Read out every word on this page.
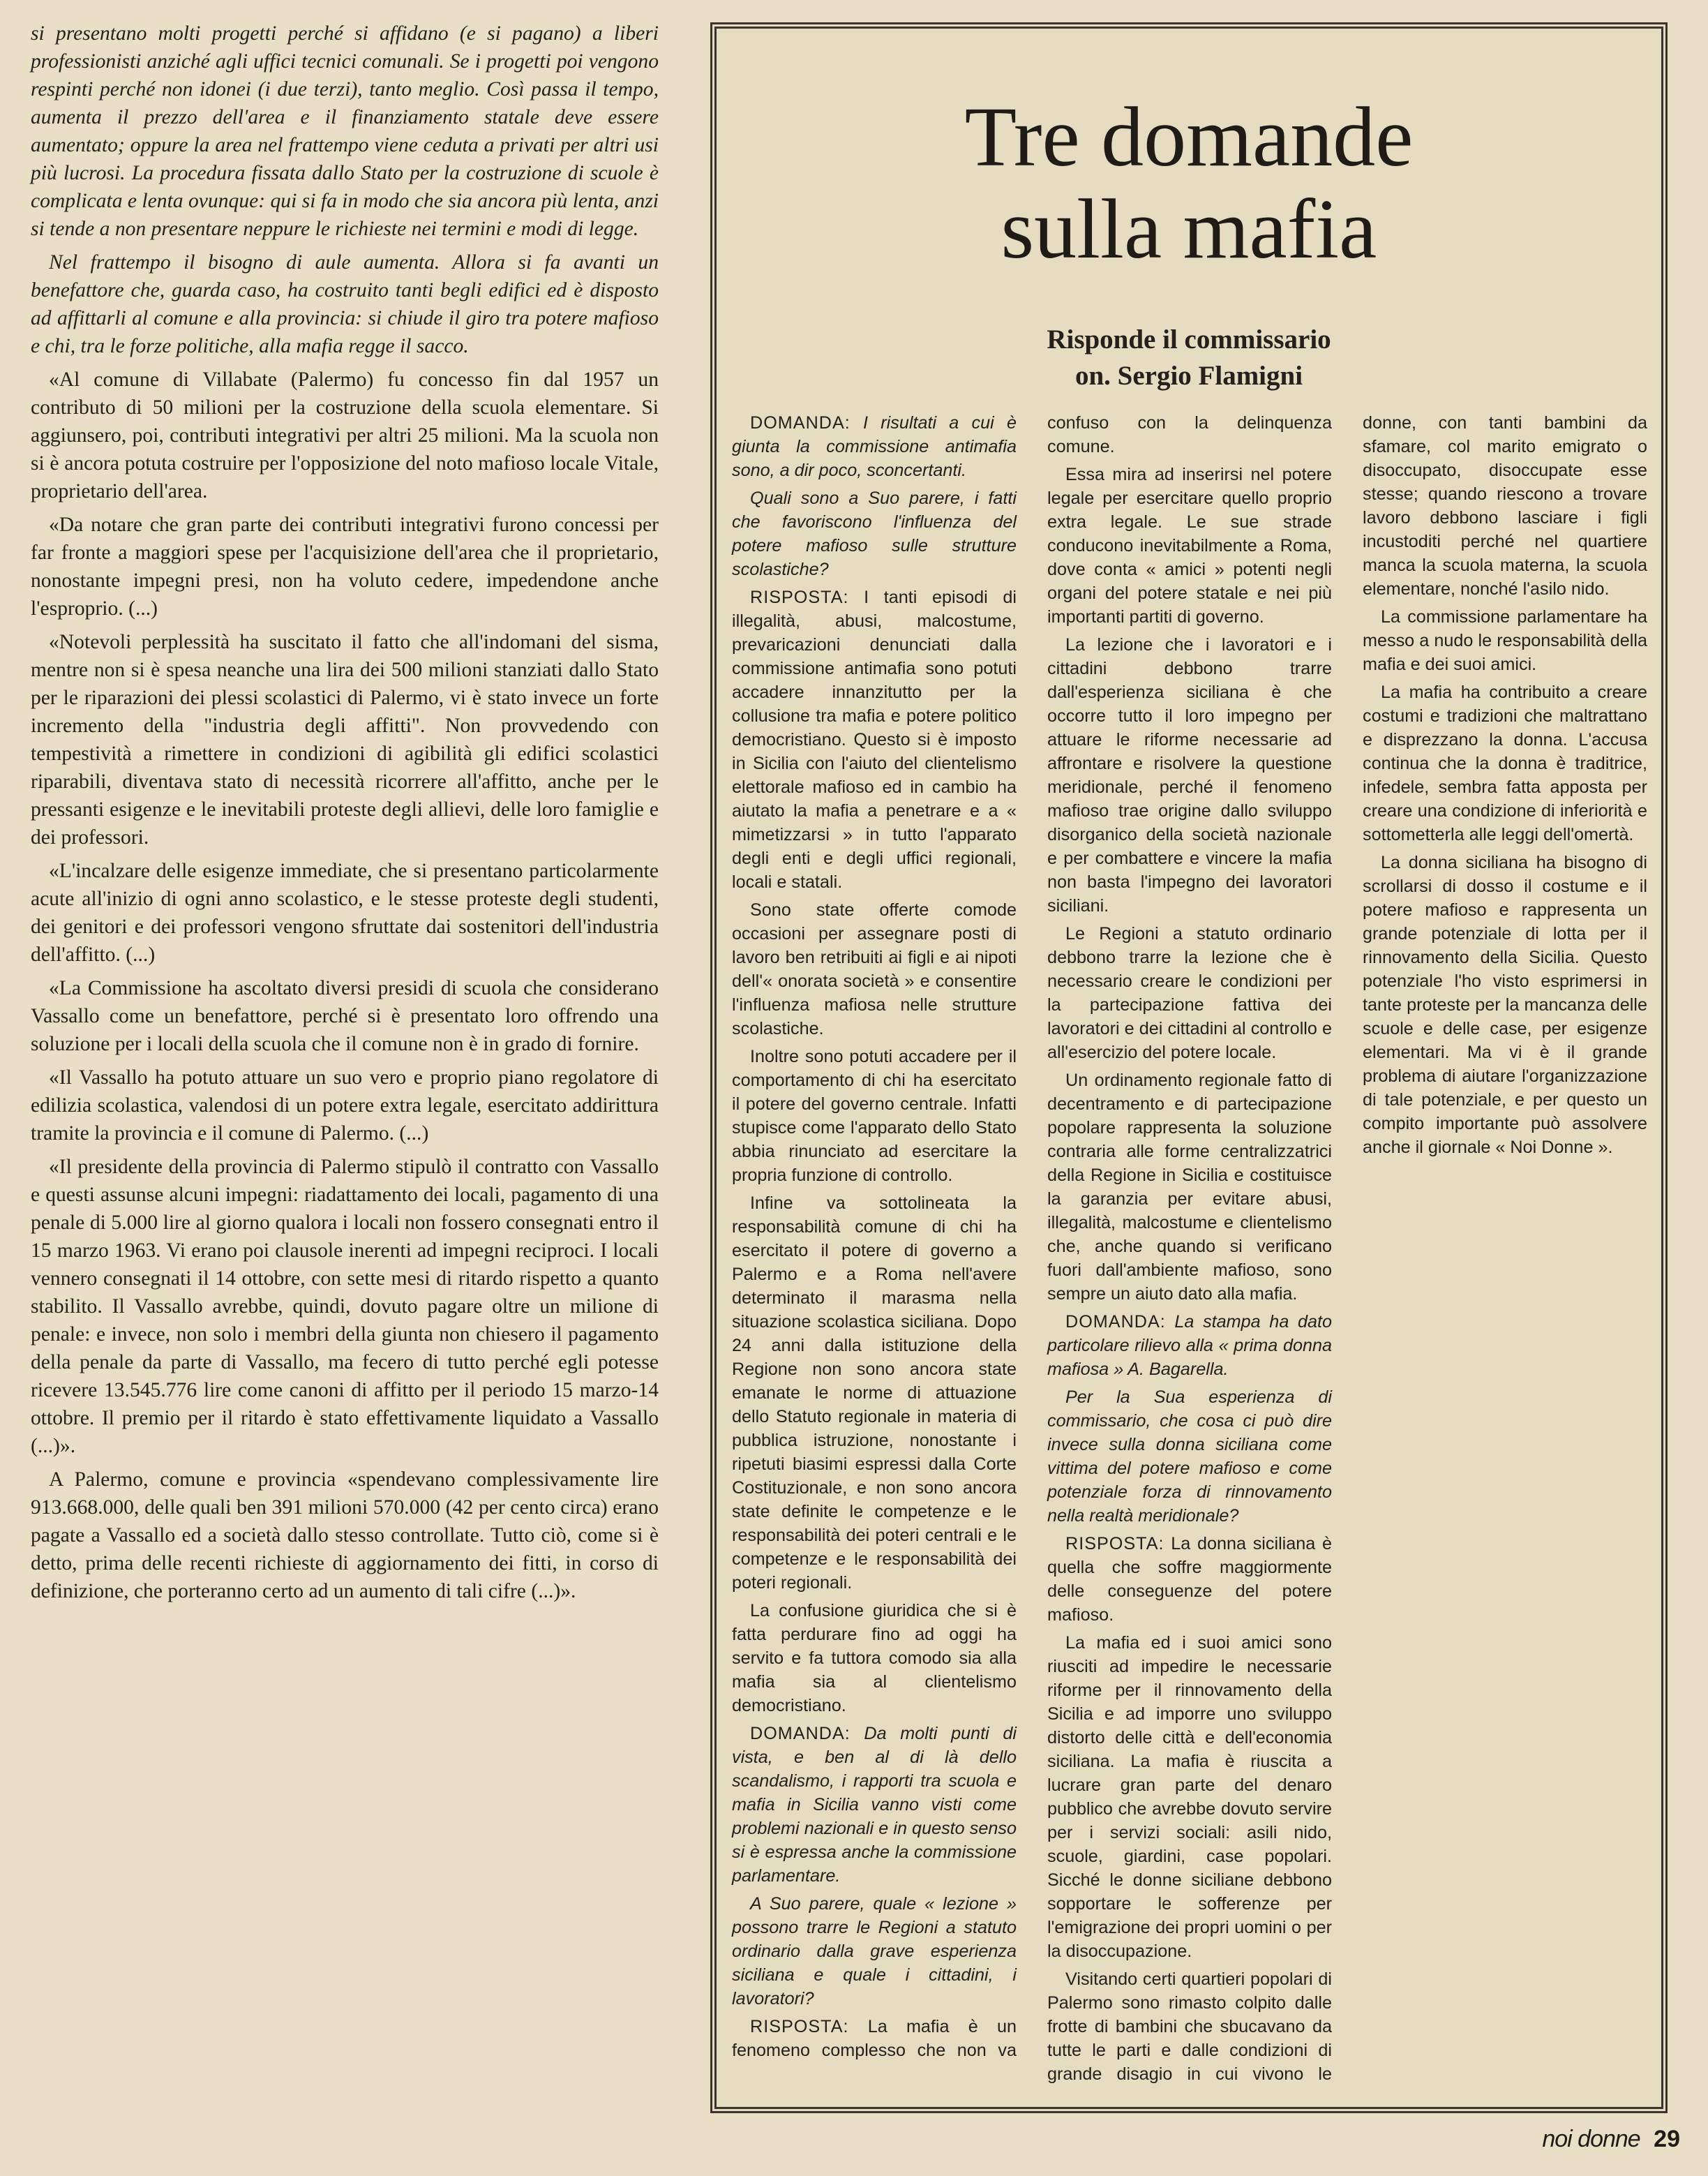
si presentano molti progetti perché si affidano (e si pagano) a liberi professionisti anziché agli uffici tecnici comunali. Se i progetti poi vengono respinti perché non idonei (i due terzi), tanto meglio. Così passa il tempo, aumenta il prezzo dell'area e il finanziamento statale deve essere aumentato; oppure la area nel frattempo viene ceduta a privati per altri usi più lucrosi. La procedura fissata dallo Stato per la costruzione di scuole è complicata e lenta ovunque: qui si fa in modo che sia ancora più lenta, anzi si tende a non presentare neppure le richieste nei termini e modi di legge.

Nel frattempo il bisogno di aule aumenta. Allora si fa avanti un benefattore che, guarda caso, ha costruito tanti begli edifici ed è disposto ad affittarli al comune e alla provincia: si chiude il giro tra potere mafioso e chi, tra le forze politiche, alla mafia regge il sacco.

«Al comune di Villabate (Palermo) fu concesso fin dal 1957 un contributo di 50 milioni per la costruzione della scuola elementare. Si aggiunsero, poi, contributi integrativi per altri 25 milioni. Ma la scuola non si è ancora potuta costruire per l'opposizione del noto mafioso locale Vitale, proprietario dell'area.

«Da notare che gran parte dei contributi integrativi furono concessi per far fronte a maggiori spese per l'acquisizione dell'area che il proprietario, nonostante impegni presi, non ha voluto cedere, impedendone anche l'esproprio. (...)

«Notevoli perplessità ha suscitato il fatto che all'indomani del sisma, mentre non si è spesa neanche una lira dei 500 milioni stanziati dallo Stato per le riparazioni dei plessi scolastici di Palermo, vi è stato invece un forte incremento della "industria degli affitti". Non provvedendo con tempestività a rimettere in condizioni di agibilità gli edifici scolastici riparabili, diventava stato di necessità ricorrere all'affitto, anche per le pressanti esigenze e le inevitabili proteste degli allievi, delle loro famiglie e dei professori.

«L'incalzare delle esigenze immediate, che si presentano particolarmente acute all'inizio di ogni anno scolastico, e le stesse proteste degli studenti, dei genitori e dei professori vengono sfruttate dai sostenitori dell'industria dell'affitto. (...)

«La Commissione ha ascoltato diversi presidi di scuola che considerano Vassallo come un benefattore, perché si è presentato loro offrendo una soluzione per i locali della scuola che il comune non è in grado di fornire.

«Il Vassallo ha potuto attuare un suo vero e proprio piano regolatore di edilizia scolastica, valendosi di un potere extra legale, esercitato addirittura tramite la provincia e il comune di Palermo. (...)

«Il presidente della provincia di Palermo stipulò il contratto con Vassallo e questi assunse alcuni impegni: riadattamento dei locali, pagamento di una penale di 5.000 lire al giorno qualora i locali non fossero consegnati entro il 15 marzo 1963. Vi erano poi clausole inerenti ad impegni reciproci. I locali vennero consegnati il 14 ottobre, con sette mesi di ritardo rispetto a quanto stabilito. Il Vassallo avrebbe, quindi, dovuto pagare oltre un milione di penale: e invece, non solo i membri della giunta non chiesero il pagamento della penale da parte di Vassallo, ma fecero di tutto perché egli potesse ricevere 13.545.776 lire come canoni di affitto per il periodo 15 marzo-14 ottobre. Il premio per il ritardo è stato effettivamente liquidato a Vassallo (...)».

A Palermo, comune e provincia «spendevano complessivamente lire 913.668.000, delle quali ben 391 milioni 570.000 (42 per cento circa) erano pagate a Vassallo ed a società dallo stesso controllate. Tutto ciò, come si è detto, prima delle recenti richieste di aggiornamento dei fitti, in corso di definizione, che porteranno certo ad un aumento di tali cifre (...)».

Tre domande
sulla mafia
Risponde il commissario
on. Sergio Flamigni

DOMANDA: I risultati a cui è giunta la commissione antimafia sono, a dir poco, sconcertanti.

Quali sono a Suo parere, i fatti che favoriscono l'influenza del potere mafioso sulle strutture scolastiche?

RISPOSTA: I tanti episodi di illegalità, abusi, malcostume, prevaricazioni denunciati dalla commissione antimafia sono potuti accadere innanzitutto per la collusione tra mafia e potere politico democristiano. Questo si è imposto in Sicilia con l'aiuto del clientelismo elettorale mafioso ed in cambio ha aiutato la mafia a penetrare e a « mimetizzarsi » in tutto l'apparato degli enti e degli uffici regionali, locali e statali.

Sono state offerte comode occasioni per assegnare posti di lavoro ben retribuiti ai figli e ai nipoti dell'« onorata società » e consentire l'influenza mafiosa nelle strutture scolastiche.

Inoltre sono potuti accadere per il comportamento di chi ha esercitato il potere del governo centrale. Infatti stupisce come l'apparato dello Stato abbia rinunciato ad esercitare la propria funzione di controllo.

Infine va sottolineata la responsabilità comune di chi ha esercitato il potere di governo a Palermo e a Roma nell'avere determinato il marasma nella situazione scolastica siciliana. Dopo 24 anni dalla istituzione della Regione non sono ancora state emanate le norme di attuazione dello Statuto regionale in materia di pubblica istruzione, nonostante i ripetuti biasimi espressi dalla Corte Costituzionale, e non sono ancora state definite le competenze e le responsabilità dei poteri centrali e le competenze e le responsabilità dei poteri regionali.

La confusione giuridica che si è fatta perdurare fino ad oggi ha servito e fa tuttora comodo sia alla mafia sia al clientelismo democristiano.

DOMANDA: Da molti punti di vista, e ben al di là dello scandalismo, i rapporti tra scuola e mafia in Sicilia vanno visti come problemi nazionali e in questo senso si è espressa anche la commissione parlamentare.

A Suo parere, quale « lezione » possono trarre le Regioni a statuto ordinario dalla grave esperienza siciliana e quale i cittadini, i lavoratori?

RISPOSTA: La mafia è un fenomeno complesso che non va confuso con la delinquenza comune.

Essa mira ad inserirsi nel potere legale per esercitare quello proprio extra legale. Le sue strade conducono inevitabilmente a Roma, dove conta « amici » potenti negli organi del potere statale e nei più importanti partiti di governo.

La lezione che i lavoratori e i cittadini debbono trarre dall'esperienza siciliana è che occorre tutto il loro impegno per attuare le riforme necessarie ad affrontare e risolvere la questione meridionale, perché il fenomeno mafioso trae origine dallo sviluppo disorganico della società nazionale e per combattere e vincere la mafia non basta l'impegno dei lavoratori siciliani.

Le Regioni a statuto ordinario debbono trarre la lezione che è necessario creare le condizioni per la partecipazione fattiva dei lavoratori e dei cittadini al controllo e all'esercizio del potere locale.

Un ordinamento regionale fatto di decentramento e di partecipazione popolare rappresenta la soluzione contraria alle forme centralizzatrici della Regione in Sicilia e costituisce la garanzia per evitare abusi, illegalità, malcostume e clientelismo che, anche quando si verificano fuori dall'ambiente mafioso, sono sempre un aiuto dato alla mafia.

DOMANDA: La stampa ha dato particolare rilievo alla « prima donna mafiosa » A. Bagarella.

Per la Sua esperienza di commissario, che cosa ci può dire invece sulla donna siciliana come vittima del potere mafioso e come potenziale forza di rinnovamento nella realtà meridionale?

RISPOSTA: La donna siciliana è quella che soffre maggiormente delle conseguenze del potere mafioso.

La mafia ed i suoi amici sono riusciti ad impedire le necessarie riforme per il rinnovamento della Sicilia e ad imporre uno sviluppo distorto delle città e dell'economia siciliana. La mafia è riuscita a lucrare gran parte del denaro pubblico che avrebbe dovuto servire per i servizi sociali: asili nido, scuole, giardini, case popolari. Sicché le donne siciliane debbono sopportare le sofferenze per l'emigrazione dei propri uomini o per la disoccupazione.

Visitando certi quartieri popolari di Palermo sono rimasto colpito dalle frotte di bambini che sbucavano da tutte le parti e dalle condizioni di grande disagio in cui vivono le donne, con tanti bambini da sfamare, col marito emigrato o disoccupato, disoccupate esse stesse; quando riescono a trovare lavoro debbono lasciare i figli incustoditi perché nel quartiere manca la scuola materna, la scuola elementare, nonché l'asilo nido.

La commissione parlamentare ha messo a nudo le responsabilità della mafia e dei suoi amici.

La mafia ha contribuito a creare costumi e tradizioni che maltrattano e disprezzano la donna. L'accusa continua che la donna è traditrice, infedele, sembra fatta apposta per creare una condizione di inferiorità e sottometterla alle leggi dell'omertà.

La donna siciliana ha bisogno di scrollarsi di dosso il costume e il potere mafioso e rappresenta un grande potenziale di lotta per il rinnovamento della Sicilia. Questo potenziale l'ho visto esprimersi in tante proteste per la mancanza delle scuole e delle case, per esigenze elementari. Ma vi è il grande problema di aiutare l'organizzazione di tale potenziale, e per questo un compito importante può assolvere anche il giornale « Noi Donne ».

noi donne 29
